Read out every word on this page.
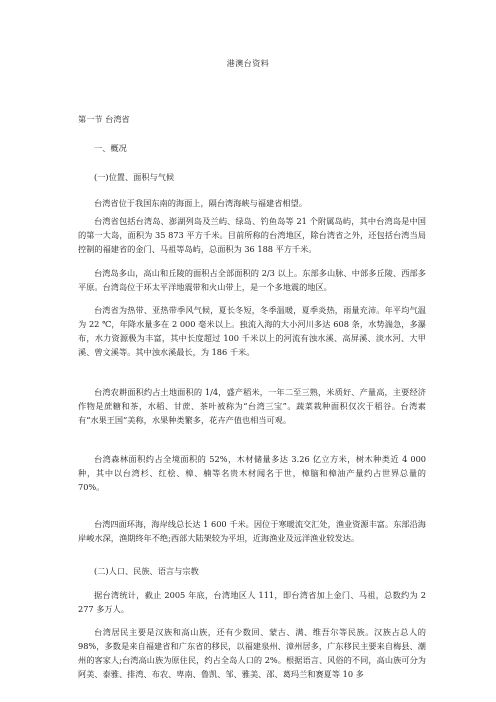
港澳台资料
第一节 台湾省
一、概况
(一)位置、面积与气候

台湾省位于我国东南的海面上，隔台湾海峡与福建省相望。

台湾省包括台湾岛、澎湖列岛及兰屿、绿岛、钓鱼岛等 21 个附属岛屿，其中台湾岛是中国的第一大岛，面积为 35 873 平方千米。目前所称的台湾地区，除台湾省之外，还包括台湾当局控制的福建省的金门、马祖等岛屿，总面积为 36 188 平方千米。

台湾岛多山，高山和丘陵的面积占全部面积的 2/3 以上。东部多山脉、中部多丘陵、西部多平原。台湾岛位于环太平洋地震带和火山带上，是一个多地震的地区。

台湾省为热带、亚热带季风气候，夏长冬短，冬季温暖，夏季炎热，雨量充沛。年平均气温为 22 ℃，年降水量多在 2 000 毫米以上。独流入海的大小河川多达 608 条，水势湍急，多瀑布，水力资源极为丰富，其中长度超过 100 千米以上的河流有浊水溪、高屏溪、淡水河、大甲溪、曾文溪等。其中浊水溪最长，为 186 千米。

台湾农耕面积约占土地面积的 1/4，盛产稻米，一年二至三熟，米质好、产量高，主要经济作物是蔗糖和茶，水稻、甘蔗、茶叶被称为“台湾三宝”。蔬菜栽种面积仅次于稻谷。台湾素有“水果王国”美称，水果种类繁多，花卉产值也相当可观。

台湾森林面积约占全境面积的 52%，木材储量多达 3.26 亿立方米，树木种类近 4 000 种，其中以台湾杉、红桧、樟、楠等名贵木材闻名于世，樟脑和樟油产量约占世界总量的 70%。

台湾四面环海，海岸线总长达 1 600 千米。因位于寒暖流交汇处，渔业资源丰富。东部沿海岸峻水深，渔期终年不绝;西部大陆架较为平坦，近海渔业及远洋渔业较发达。

(二)人口、民族、语言与宗教

据台湾统计，截止 2005 年底，台湾地区人 111，即台湾省加上金门、马祖，总数约为 2 277 多万人。

台湾居民主要是汉族和高山族，还有少数回、蒙古、满、维吾尔等民族。汉族占总人的 98%，多数是来自福建省和广东省的移民，以福建泉州、漳州居多，广东移民主要来自梅县、潮州的客家人;台湾高山族为原住民，约占全岛人口的 2%。根据语言、风俗的不同，高山族可分为阿美、泰雅、排湾、布农、卑南、鲁凯、邹、雅美、邵、葛玛兰和赛夏等 10 多
